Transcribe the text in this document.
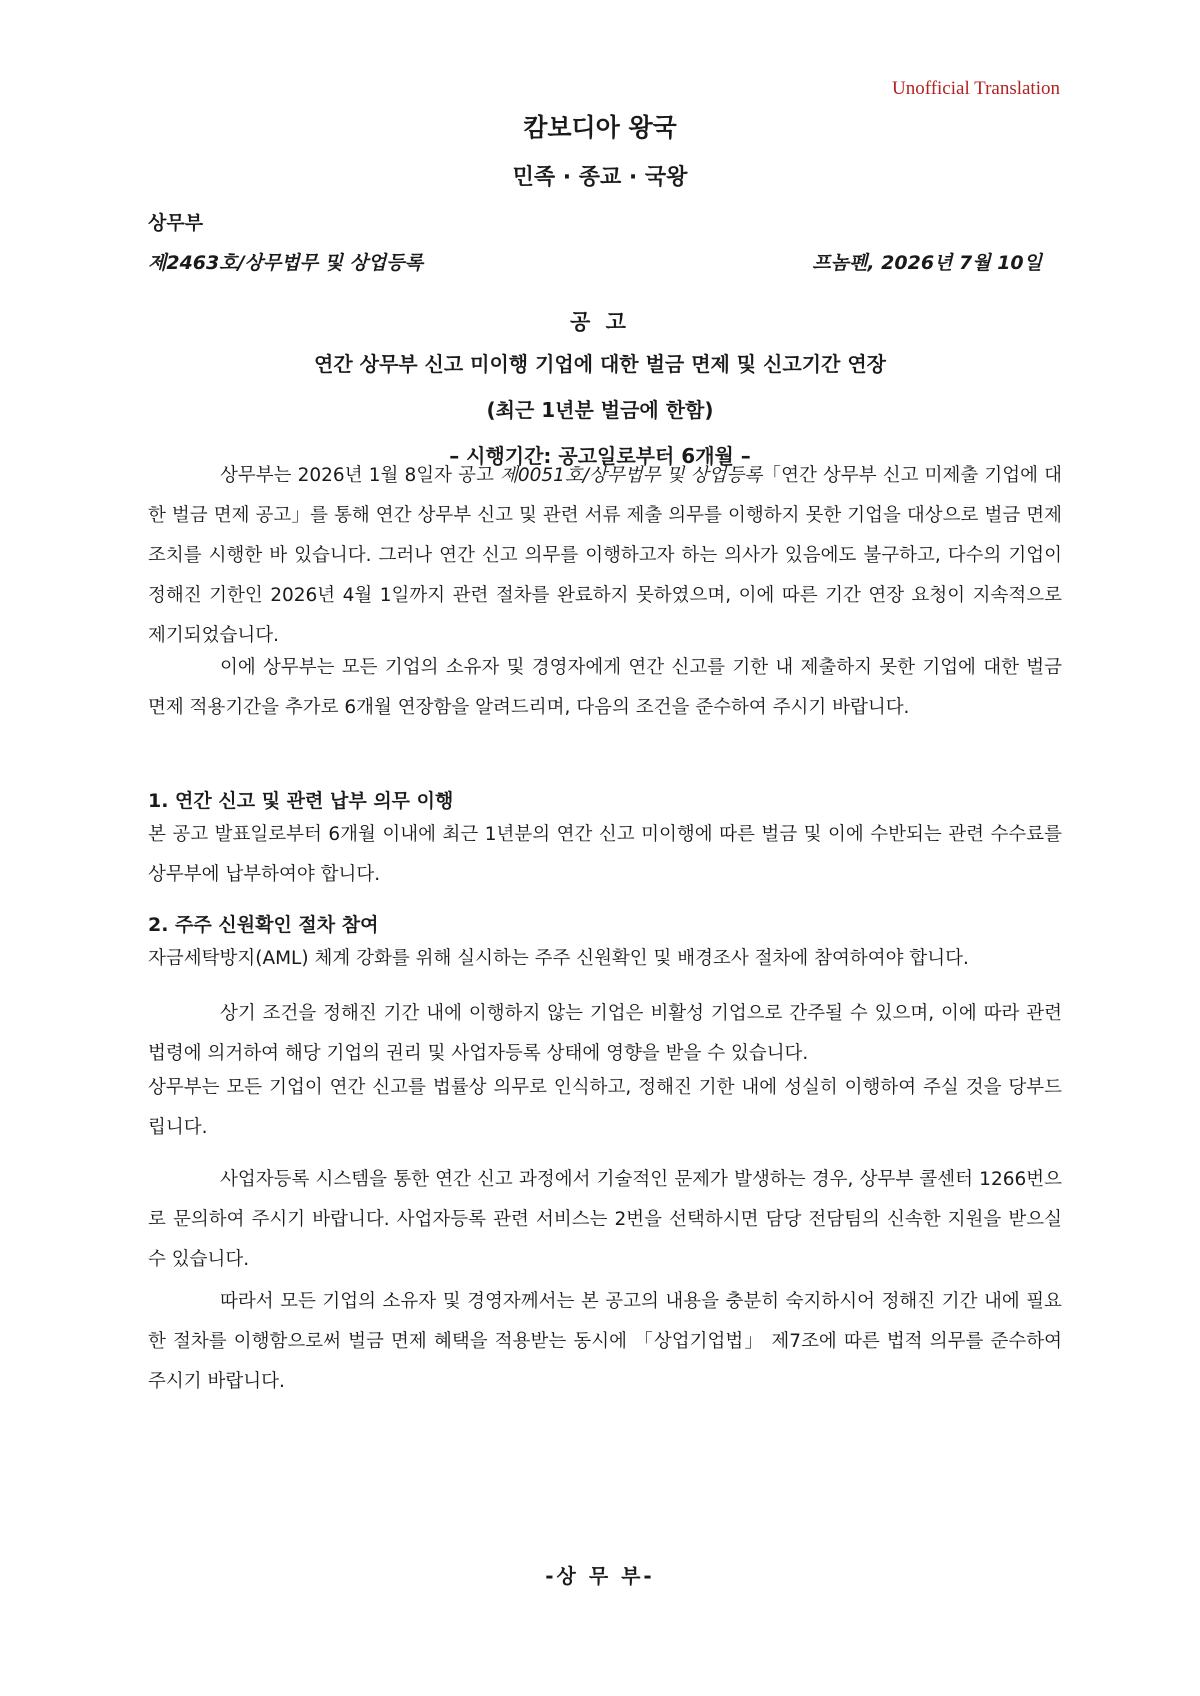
Unofficial Translation
캄보디아 왕국
민족 · 종교 · 국왕
상무부
제2463호/상무법무 및 상업등록	프놈펜, 2026년 7월 10일
공 고
연간 상무부 신고 미이행 기업에 대한 벌금 면제 및 신고기간 연장
(최근 1년분 벌금에 한함)
– 시행기간: 공고일로부터 6개월 –

상무부는 2026년 1월 8일자 공고 제0051호/상무법무 및 상업등록「연간 상무부 신고 미제출 기업에 대한 벌금 면제 공고」를 통해 연간 상무부 신고 및 관련 서류 제출 의무를 이행하지 못한 기업을 대상으로 벌금 면제 조치를 시행한 바 있습니다. 그러나 연간 신고 의무를 이행하고자 하는 의사가 있음에도 불구하고, 다수의 기업이 정해진 기한인 2026년 4월 1일까지 관련 절차를 완료하지 못하였으며, 이에 따른 기간 연장 요청이 지속적으로 제기되었습니다.

이에 상무부는 모든 기업의 소유자 및 경영자에게 연간 신고를 기한 내 제출하지 못한 기업에 대한 벌금 면제 적용기간을 추가로 6개월 연장함을 알려드리며, 다음의 조건을 준수하여 주시기 바랍니다.

1. 연간 신고 및 관련 납부 의무 이행

본 공고 발표일로부터 6개월 이내에 최근 1년분의 연간 신고 미이행에 따른 벌금 및 이에 수반되는 관련 수수료를 상무부에 납부하여야 합니다.

2. 주주 신원확인 절차 참여

자금세탁방지(AML) 체계 강화를 위해 실시하는 주주 신원확인 및 배경조사 절차에 참여하여야 합니다.

상기 조건을 정해진 기간 내에 이행하지 않는 기업은 비활성 기업으로 간주될 수 있으며, 이에 따라 관련 법령에 의거하여 해당 기업의 권리 및 사업자등록 상태에 영향을 받을 수 있습니다.

상무부는 모든 기업이 연간 신고를 법률상 의무로 인식하고, 정해진 기한 내에 성실히 이행하여 주실 것을 당부드립니다.

사업자등록 시스템을 통한 연간 신고 과정에서 기술적인 문제가 발생하는 경우, 상무부 콜센터 1266번으로 문의하여 주시기 바랍니다. 사업자등록 관련 서비스는 2번을 선택하시면 담당 전담팀의 신속한 지원을 받으실 수 있습니다.

따라서 모든 기업의 소유자 및 경영자께서는 본 공고의 내용을 충분히 숙지하시어 정해진 기간 내에 필요한 절차를 이행함으로써 벌금 면제 혜택을 적용받는 동시에 「상업기업법」 제7조에 따른 법적 의무를 준수하여 주시기 바랍니다.

-상 무 부-
